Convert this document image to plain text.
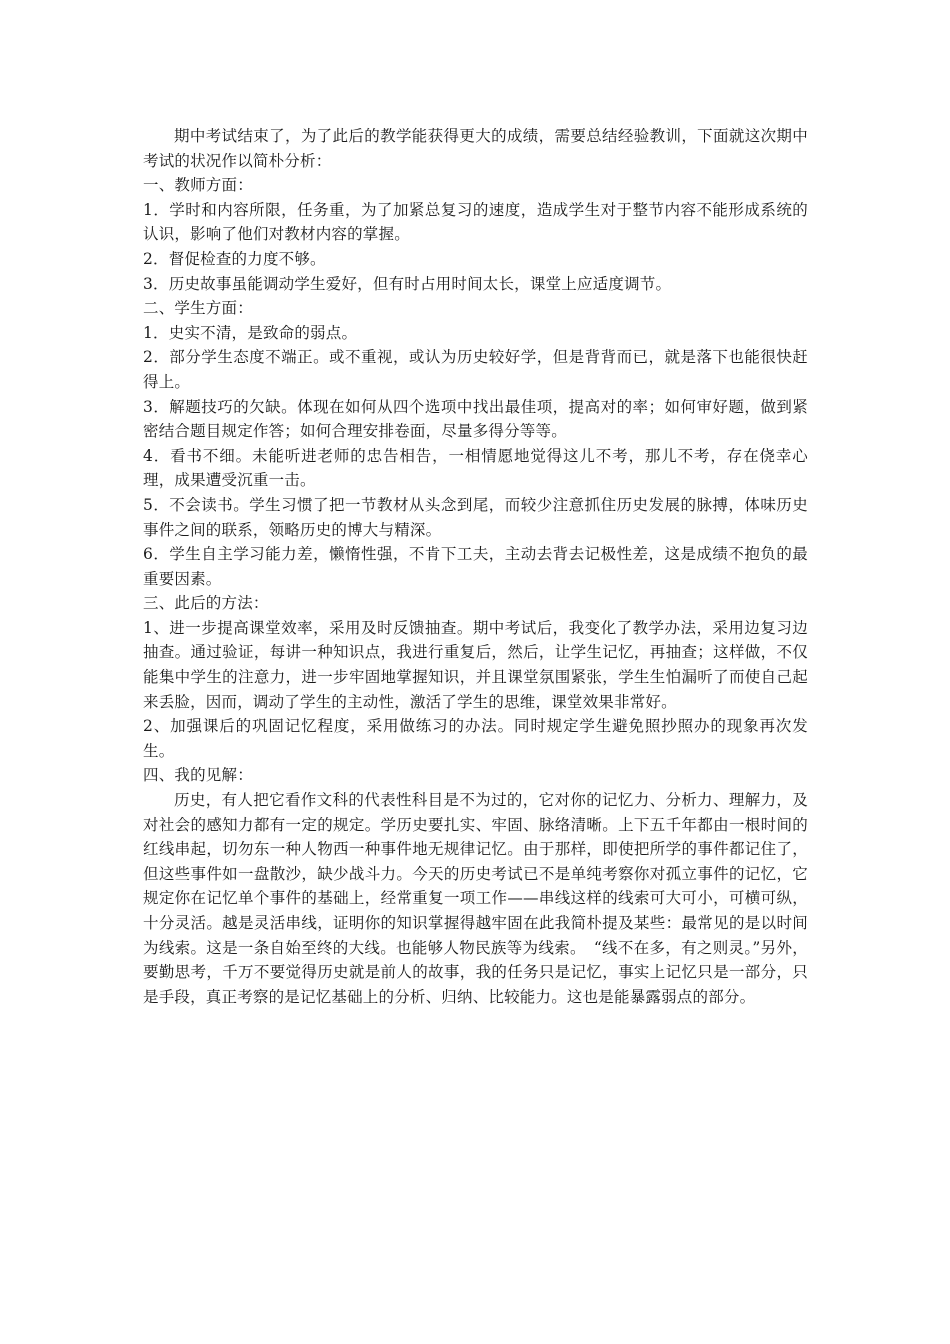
期中考试结束了，为了此后的教学能获得更大的成绩，需要总结经验教训，下面就这次期中考试的状况作以简朴分析：

一、教师方面：

1．学时和内容所限，任务重，为了加紧总复习的速度，造成学生对于整节内容不能形成系统的认识，影响了他们对教材内容的掌握。

2．督促检查的力度不够。

3．历史故事虽能调动学生爱好，但有时占用时间太长，课堂上应适度调节。

二、学生方面：

1．史实不清，是致命的弱点。

2．部分学生态度不端正。或不重视，或认为历史较好学，但是背背而已，就是落下也能很快赶得上。

3．解题技巧的欠缺。体现在如何从四个选项中找出最佳项，提高对的率；如何审好题，做到紧密结合题目规定作答；如何合理安排卷面，尽量多得分等等。

4．看书不细。未能听进老师的忠告相告，一相情愿地觉得这儿不考，那儿不考，存在侥幸心理，成果遭受沉重一击。

5．不会读书。学生习惯了把一节教材从头念到尾，而较少注意抓住历史发展的脉搏，体味历史事件之间的联系，领略历史的博大与精深。

6．学生自主学习能力差，懒惰性强，不肯下工夫，主动去背去记极性差，这是成绩不抱负的最重要因素。

三、此后的方法：

1、进一步提高课堂效率，采用及时反馈抽查。期中考试后，我变化了教学办法，采用边复习边抽查。通过验证，每讲一种知识点，我进行重复后，然后，让学生记忆，再抽查；这样做，不仅能集中学生的注意力，进一步牢固地掌握知识，并且课堂氛围紧张，学生生怕漏听了而使自己起来丢脸，因而，调动了学生的主动性，激活了学生的思维，课堂效果非常好。

2、加强课后的巩固记忆程度，采用做练习的办法。同时规定学生避免照抄照办的现象再次发生。

四、我的见解：

历史，有人把它看作文科的代表性科目是不为过的，它对你的记忆力、分析力、理解力，及对社会的感知力都有一定的规定。学历史要扎实、牢固、脉络清晰。上下五千年都由一根时间的红线串起，切勿东一种人物西一种事件地无规律记忆。由于那样，即使把所学的事件都记住了，但这些事件如一盘散沙，缺少战斗力。今天的历史考试已不是单纯考察你对孤立事件的记忆，它规定你在记忆单个事件的基础上，经常重复一项工作——串线这样的线索可大可小，可横可纵，十分灵活。越是灵活串线，证明你的知识掌握得越牢固在此我简朴提及某些：最常见的是以时间为线索。这是一条自始至终的大线。也能够人物民族等为线索。　“线不在多，有之则灵。”另外，要勤思考，千万不要觉得历史就是前人的故事，我的任务只是记忆，事实上记忆只是一部分，只是手段，真正考察的是记忆基础上的分析、归纳、比较能力。这也是能暴露弱点的部分。
